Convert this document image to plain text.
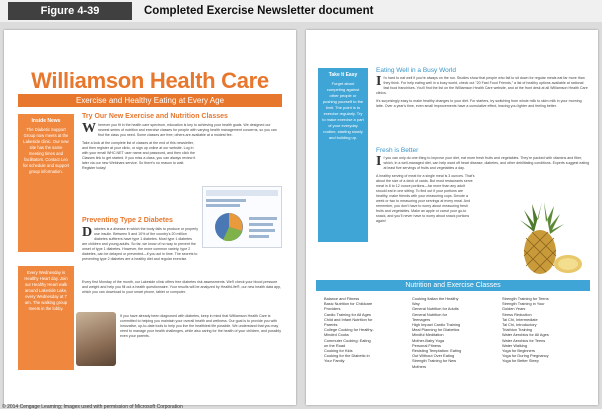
Figure 4-39	Completed Exercise Newsletter document
Williamson Health Care
Exercise and Healthy Eating at Every Age
Inside News
The Diabetic Support Group now meets at the Lakeside clinic. Our new site has the same meeting times and facilitators. Contact Leo for schedule and support group information.
Every Wednesday is Healthy Heart day. Join our Healthy Heart walk around Lakeside Lake, every Wednesday at 7 am. The walking group meets in the lobby.
Try Our New Exercise and Nutrition Classes
Wherever you fit in the health care spectrum, education is key to achieving your health goals. We designed our newest series of nutrition and exercise classes for people with varying health management concerns, so you can find the class you need. Some classes are free; others are available at a modest fee.
Take a look at the complete list of classes at the end of this newsletter, and then register at your clinic, or sign up online at our website. Log in with your email WHC.NET user name and password, and then click the Classes link to get started. If you miss a class, you can always review it later via our new Webinars service. So there's no reason to wait. Register today!
Preventing Type 2 Diabetes
Diabetes is a disease in which the body fails to produce or properly use insulin. Between 5 and 10% of the country's 20 million diabetes sufferers have type 1 diabetes. Most type 1 diabetes are children and young adults. So far, we know of no way to prevent the onset of type 1 diabetes. However, the more common variety, type 2 diabetes, can be delayed or prevented—if you act in time. The secrets to preventing type 2 diabetes are a healthy diet and regular exercise.
Every first Monday of the month, our Lakeside clinic offers free diabetes risk assessments. We'll check your blood pressure and weight and help you fill out a health questionnaire. Your results will be analyzed by HealthLife®, our new health data app, which you can download to your smart phone, tablet or computer.
If you have already been diagnosed with diabetes, keep in mind that Williamson Health Care is committed to helping you maintain your overall health and wellness. Our goal is to provide you with innovative, up-to-date tools to help you live the healthiest life possible. We understand that you may need to manage your health challenges, while also caring for the health of your children, and possibly even your parents.
Take It Easy
Forget about competing against other people or pushing yourself to the limit. The point is to exercise regularly. Try to make exercise a part of your everyday routine, starting slowly and building up.
Eating Well in a Busy World
It's hard to eat well if you're always on the run. Studies show that people who fail to sit down for regular meals eat far more than they think. For help eating well in a busy world, check out "20 Fast Food Friends," a list of healthy options available at national fast food franchises. You'll find the list on the Williamson Health Care website, and at the front desk at all Williamson Health Care clinics.
It's surprisingly easy to make healthy changes to your diet. For starters, try switching from whole milk to skim milk in your morning latte. Over a year's time, even small improvements have a cumulative effect, leaving you lighter and feeling better.
Fresh is Better
If you can only do one thing to improve your diet, eat more fresh fruits and vegetables. They're packed with vitamins and fiber, which, in a well-managed diet, can help ward off heart disease, diabetes, and other debilitating conditions. Experts suggest eating at least five servings of fruits and vegetables a day.
A healthy serving of meat for a single meal is 3 ounces. That's about the size of a deck of cards. But most restaurants serve meat in 8 to 12 ounce portions—far more than any adult should eat in one sitting. To find out if your portions are healthy, make friends with your measuring cups. Devote a week or two to measuring your servings at every meal. And remember, you don't have to worry about measuring fresh fruits and vegetables. Make an apple or carrot your go-to snack, and you'll never have to worry about snack portions again!
Nutrition and Exercise Classes
Balance and Fitness
Basic Nutrition for Childcare
Providers
Cardio Training for All Ages
Child and Infant Nutrition for
Parents
College Cooking for Healthy-
Minded Cooks
Commuter Cooking: Eating
on the Road
Cooking for Kids
Cooking for the Diabetic in
Your Family
Cooking Italian the Healthy
Way
General Nutrition for Adults
General Nutrition for
Teenagers
High Impact Cardio Training
Meal Planning for Diabetics
Mindful Meditation
Mother-Baby Yoga
Personal Fitness
Resisting Temptation: Eating
Out Without Over Eating
Strength Training for New
Mothers
Strength Training for Teens
Strength Training in Your
Golden Years
Stress Reduction
Tai Chi, Intermediate
Tai Chi, Introductory
Triathlon Training
Water Aerobics for All Ages
Water Aerobics for Teens
Water Walking
Yoga for Beginners
Yoga for During Pregnancy
Yoga for Better Sleep
© 2014 Cengage Learning; Images used with permission of Microsoft Corporation
